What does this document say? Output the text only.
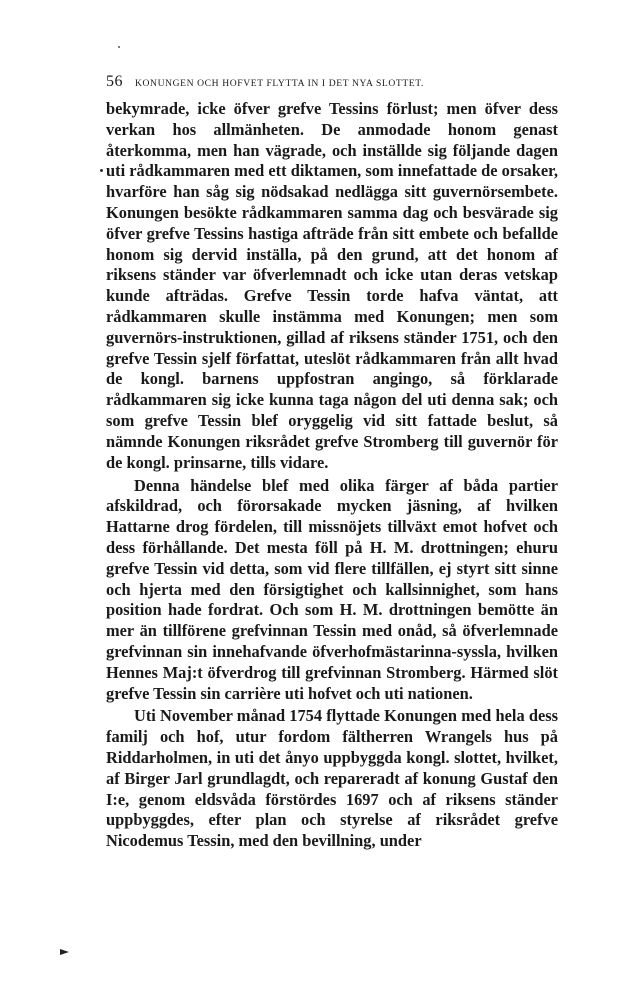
56 KONUNGEN OCH HOFVET FLYTTA IN I DET NYA SLOTTET.

bekymrade, icke öfver grefve Tessins förlust; men öfver dess verkan hos allmänheten. De anmodade honom genast återkomma, men han vägrade, och inställde sig följande dagen uti rådkammaren med ett diktamen, som innefattade de orsaker, hvarföre han såg sig nödsakad nedlägga sitt guvernörsembete. Konungen besökte rådkammaren samma dag och besvärade sig öfver grefve Tessins hastiga afträde från sitt embete och befallde honom sig dervid inställa, på den grund, att det honom af riksens ständer var öfverlemnadt och icke utan deras vetskap kunde afträdas. Grefve Tessin torde hafva väntat, att rådkammaren skulle instämma med Konungen; men som guvernörs-instruktionen, gillad af riksens ständer 1751, och den grefve Tessin sjelf författat, uteslöt rådkammaren från allt hvad de kongl. barnens uppfostran angingo, så förklarade rådkammaren sig icke kunna taga någon del uti denna sak; och som grefve Tessin blef oryggelig vid sitt fattade beslut, så nämnde Konungen riksrådet grefve Stromberg till guvernör för de kongl. prinsarne, tills vidare.

Denna händelse blef med olika färger af båda partier afskildrad, och förorsakade mycken jäsning, af hvilken Hattarne drog fördelen, till missnöjets tillväxt emot hofvet och dess förhållande. Det mesta föll på H. M. drottningen; ehuru grefve Tessin vid detta, som vid flere tillfällen, ej styrt sitt sinne och hjerta med den försigtighet och kallsinnighet, som hans position hade fordrat. Och som H. M. drottningen bemötte än mer än tillförene grefvinnan Tessin med onåd, så öfverlemnade grefvinnan sin innehafvande öfverhofmästarinna-syssla, hvilken Hennes Maj:t öfverdrog till grefvinnan Stromberg. Härmed slöt grefve Tessin sin carrière uti hofvet och uti nationen.

Uti November månad 1754 flyttade Konungen med hela dess familj och hof, utur fordom fältherren Wrangels hus på Riddarholmen, in uti det ånyo uppbyggda kongl. slottet, hvilket, af Birger Jarl grundlagdt, och repareradt af konung Gustaf den I:e, genom eldsvåda förstördes 1697 och af riksens ständer uppbyggdes, efter plan och styrelse af riksrådet grefve Nicodemus Tessin, med den bevillning, under
